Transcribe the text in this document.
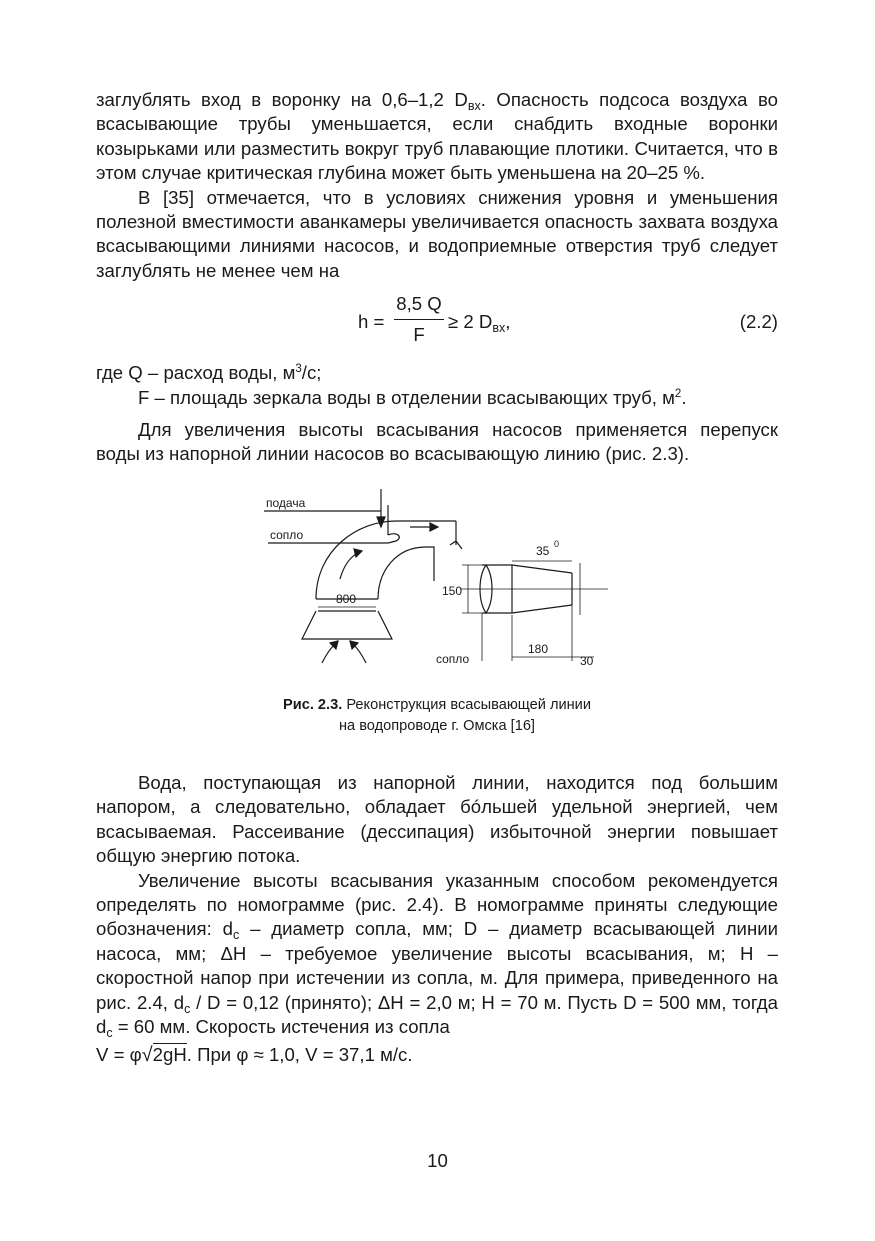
заглублять вход в воронку на 0,6–1,2 $D_{вх}$. Опасность подсоса воздуха во всасывающие трубы уменьшается, если снабдить входные воронки козырьками или разместить вокруг труб плавающие плотики. Считается, что в этом случае критическая глубина может быть уменьшена на 20–25 %.

В [35] отмечается, что в условиях снижения уровня и уменьшения полезной вместимости аванкамеры увеличивается опасность захвата воздуха всасывающими линиями насосов, и водоприемные отверстия труб следует заглублять не менее чем на

h =
8,5 Q
F
≥ 2 $D_{вх}$,	(2.2)

где Q – расход воды, $м^3/с$;

F – площадь зеркала воды в отделении всасывающих труб, $м^2$.

Для увеличения высоты всасывания насосов применяется перепуск воды из напорной линии насосов во всасывающую линию (рис. 2.3).

подача
сопло
800
150
35 0
сопло
180
30
Рис. 2.3. Реконструкция всасывающей линии
на водопроводе г. Омска [16]

Вода, поступающая из напорной линии, находится под большим напором, а следовательно, обладает бóльшей удельной энергией, чем всасываемая. Рассеивание (дессипация) избыточной энергии повышает общую энергию потока.

Увеличение высоты всасывания указанным способом рекомендуется определять по номограмме (рис. 2.4). В номограмме приняты следующие обозначения: $d_c$ – диаметр сопла, мм; D – диаметр всасывающей линии насоса, мм; ΔH – требуемое увеличение высоты всасывания, м; H – скоростной напор при истечении из сопла, м. Для примера, приведенного на рис. 2.4, $d_c / D = 0,12$ (принято); ΔH = 2,0 м; H = 70 м. Пусть D = 500 мм, тогда $d_c = 60$ мм. Скорость истечения из сопла

V = φ√2gH. При φ ≈ 1,0, V = 37,1 м/с.

10
